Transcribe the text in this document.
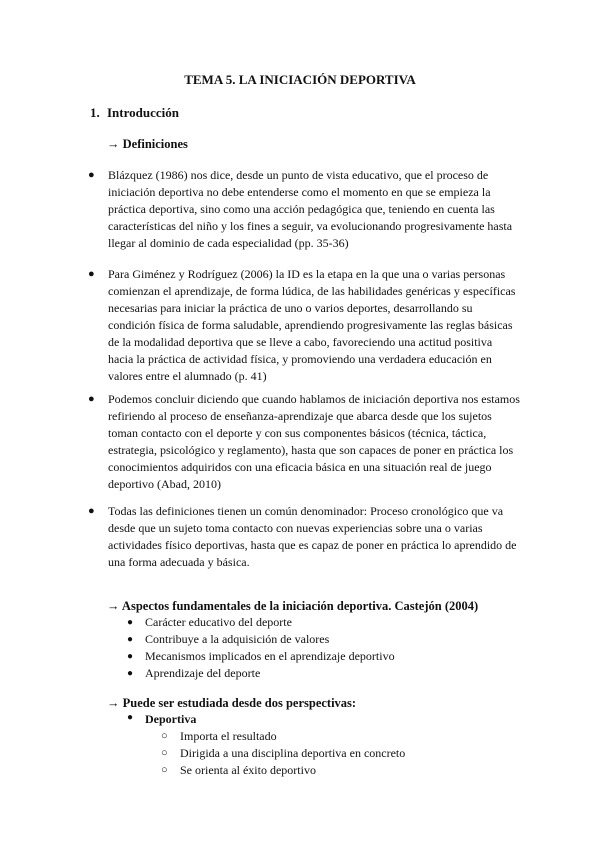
TEMA 5. LA INICIACIÓN DEPORTIVA
1. Introducción
→ Definiciones
● Blázquez (1986) nos dice, desde un punto de vista educativo, que el proceso de iniciación deportiva no debe entenderse como el momento en que se empieza la práctica deportiva, sino como una acción pedagógica que, teniendo en cuenta las características del niño y los fines a seguir, va evolucionando progresivamente hasta llegar al dominio de cada especialidad (pp. 35-36)
● Para Giménez y Rodríguez (2006) la ID es la etapa en la que una o varias personas comienzan el aprendizaje, de forma lúdica, de las habilidades genéricas y específicas necesarias para iniciar la práctica de uno o varios deportes, desarrollando su condición física de forma saludable, aprendiendo progresivamente las reglas básicas de la modalidad deportiva que se lleve a cabo, favoreciendo una actitud positiva hacia la práctica de actividad física, y promoviendo una verdadera educación en valores entre el alumnado (p. 41)
● Podemos concluir diciendo que cuando hablamos de iniciación deportiva nos estamos refiriendo al proceso de enseñanza-aprendizaje que abarca desde que los sujetos toman contacto con el deporte y con sus componentes básicos (técnica, táctica, estrategia, psicológico y reglamento), hasta que son capaces de poner en práctica los conocimientos adquiridos con una eficacia básica en una situación real de juego deportivo (Abad, 2010)
● Todas las definiciones tienen un común denominador: Proceso cronológico que va desde que un sujeto toma contacto con nuevas experiencias sobre una o varias actividades físico deportivas, hasta que es capaz de poner en práctica lo aprendido de una forma adecuada y básica.
→ Aspectos fundamentales de la iniciación deportiva. Castejón (2004)
● Carácter educativo del deporte
● Contribuye a la adquisición de valores
● Mecanismos implicados en el aprendizaje deportivo
● Aprendizaje del deporte
→ Puede ser estudiada desde dos perspectivas:
● Deportiva
○ Importa el resultado
○ Dirigida a una disciplina deportiva en concreto
○ Se orienta al éxito deportivo
